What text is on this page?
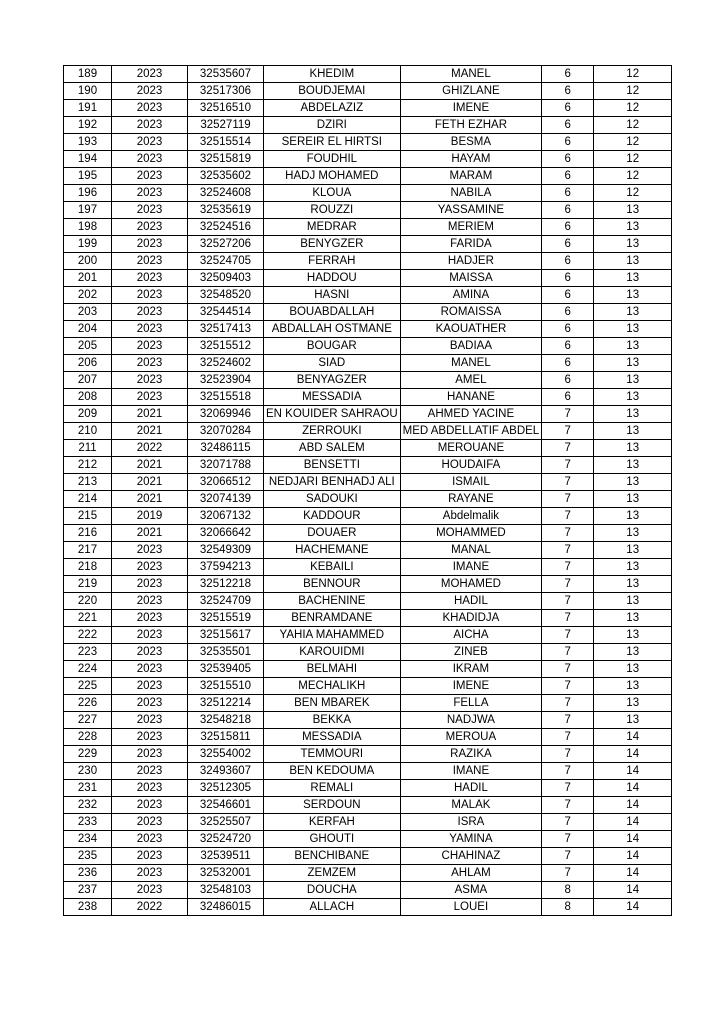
189	2023	32535607	KHEDIM	MANEL	6	12
190	2023	32517306	BOUDJEMAI	GHIZLANE	6	12
191	2023	32516510	ABDELAZIZ	IMENE	6	12
192	2023	32527119	DZIRI	FETH EZHAR	6	12
193	2023	32515514	SEREIR EL HIRTSI	BESMA	6	12
194	2023	32515819	FOUDHIL	HAYAM	6	12
195	2023	32535602	HADJ MOHAMED	MARAM	6	12
196	2023	32524608	KLOUA	NABILA	6	12
197	2023	32535619	ROUZZI	YASSAMINE	6	13
198	2023	32524516	MEDRAR	MERIEM	6	13
199	2023	32527206	BENYGZER	FARIDA	6	13
200	2023	32524705	FERRAH	HADJER	6	13
201	2023	32509403	HADDOU	MAISSA	6	13
202	2023	32548520	HASNI	AMINA	6	13
203	2023	32544514	BOUABDALLAH	ROMAISSA	6	13
204	2023	32517413	ABDALLAH OSTMANE	KAOUATHER	6	13
205	2023	32515512	BOUGAR	BADIAA	6	13
206	2023	32524602	SIAD	MANEL	6	13
207	2023	32523904	BENYAGZER	AMEL	6	13
208	2023	32515518	MESSADIA	HANANE	6	13
209	2021	32069946	EN KOUIDER SAHRAOU	AHMED YACINE	7	13
210	2021	32070284	ZERROUKI	MED ABDELLATIF ABDEL	7	13
211	2022	32486115	ABD SALEM	MEROUANE	7	13
212	2021	32071788	BENSETTI	HOUDAIFA	7	13
213	2021	32066512	NEDJARI BENHADJ ALI	ISMAIL	7	13
214	2021	32074139	SADOUKI	RAYANE	7	13
215	2019	32067132	KADDOUR	Abdelmalik	7	13
216	2021	32066642	DOUAER	MOHAMMED	7	13
217	2023	32549309	HACHEMANE	MANAL	7	13
218	2023	37594213	KEBAILI	IMANE	7	13
219	2023	32512218	BENNOUR	MOHAMED	7	13
220	2023	32524709	BACHENINE	HADIL	7	13
221	2023	32515519	BENRAMDANE	KHADIDJA	7	13
222	2023	32515617	YAHIA MAHAMMED	AICHA	7	13
223	2023	32535501	KAROUIDMI	ZINEB	7	13
224	2023	32539405	BELMAHI	IKRAM	7	13
225	2023	32515510	MECHALIKH	IMENE	7	13
226	2023	32512214	BEN MBAREK	FELLA	7	13
227	2023	32548218	BEKKA	NADJWA	7	13
228	2023	32515811	MESSADIA	MEROUA	7	14
229	2023	32554002	TEMMOURI	RAZIKA	7	14
230	2023	32493607	BEN KEDOUMA	IMANE	7	14
231	2023	32512305	REMALI	HADIL	7	14
232	2023	32546601	SERDOUN	MALAK	7	14
233	2023	32525507	KERFAH	ISRA	7	14
234	2023	32524720	GHOUTI	YAMINA	7	14
235	2023	32539511	BENCHIBANE	CHAHINAZ	7	14
236	2023	32532001	ZEMZEM	AHLAM	7	14
237	2023	32548103	DOUCHA	ASMA	8	14
238	2022	32486015	ALLACH	LOUEI	8	14
